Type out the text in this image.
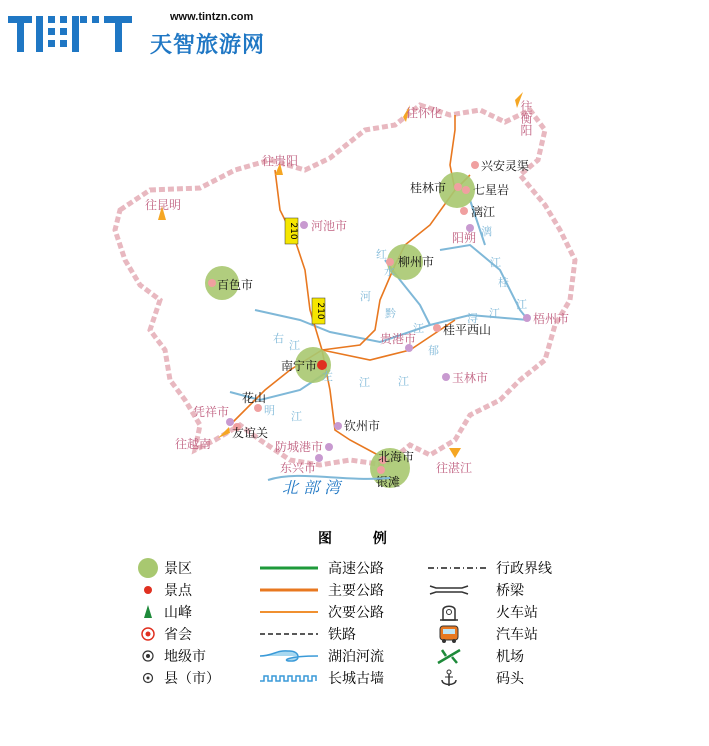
www.tintzn.com
天智旅游网
210
210
往怀化	往衡阳
往贵阳
往昆明
往越南
往湛江
河池市
梧州市
贵港市
玉林市
钦州市
防城港市
东兴市
凭祥市
阳朔
南宁市
桂林市
柳州市
百色市
北海市
兴安灵渠
七星岩
漓江
桂平西山
花山
友谊关
银滩
红
水
河
黔
江
郁
江
明 江
左 江
右
江
漓
江
桂
江
浔 江
北 部 湾
图 例
景区
景点
山峰
省会
地级市
县（市）
高速公路
主要公路
次要公路
铁路
湖泊河流
长城古墙
行政界线
桥梁
火车站
汽车站
机场
码头
